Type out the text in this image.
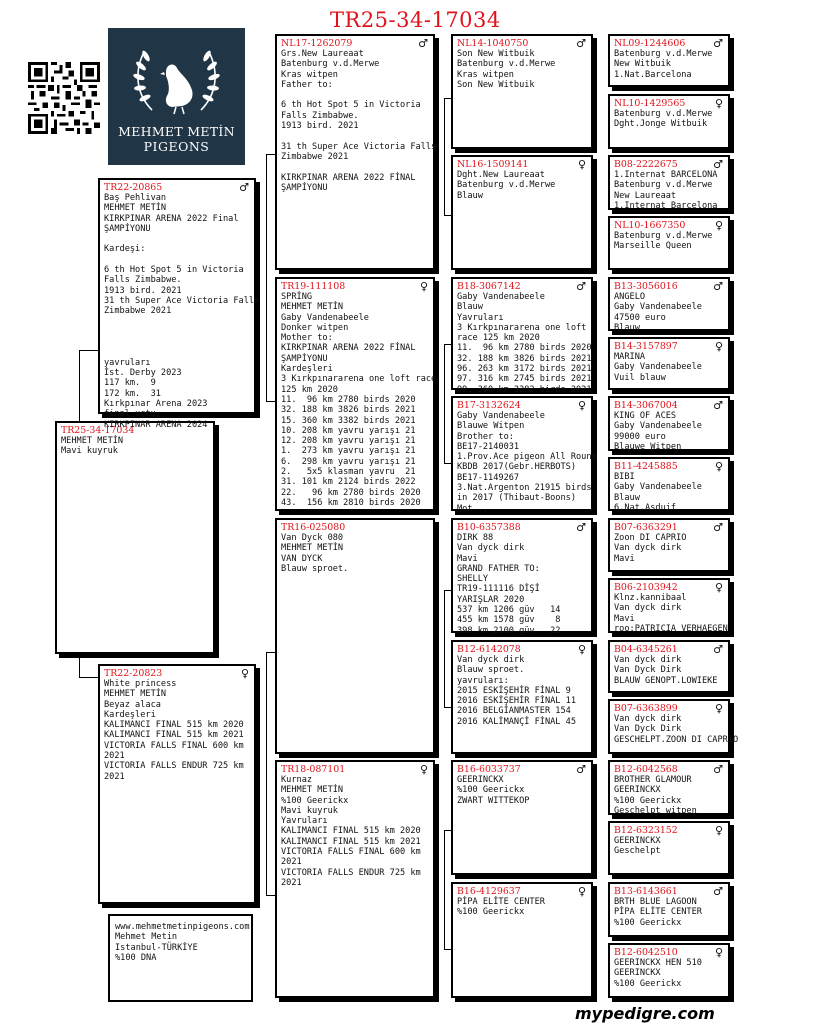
TR25-34-17034
MEHMET METİN
PIGEONS
TR25-34-17034
MEHMET METİN
Mavi kuyruk
TR22-20865	♂
Baş Pehlivan
MEHMET METİN
KIRKPINAR ARENA 2022 Final
ŞAMPİYONU

Kardeşi:

6 th Hot Spot 5 in Victoria
Falls Zimbabwe.
1913 bird. 2021
31 th Super Ace Victoria Falls
Zimbabwe 2021

yavruları
İst. Derby 2023
117 km.  9
172 km.  31
Kırkpınar Arena 2023
final uçtu
KIRKPINAR ARENA 2024
TR22-20823	♀
White princess
MEHMET METİN
Beyaz alaca
Kardeşleri
KALIMANCI FINAL 515 km 2020
KALIMANCI FINAL 515 km 2021
VICTORIA FALLS FINAL 600 km
2021
VICTORIA FALLS ENDUR 725 km
2021
NL17-1262079	♂
Grs.New Laureaat
Batenburg v.d.Merwe
Kras witpen
Father to:

6 th Hot Spot 5 in Victoria
Falls Zimbabwe.
1913 bird. 2021

31 th Super Ace Victoria Falls
Zimbabwe 2021

KIRKPINAR ARENA 2022 FİNAL
ŞAMPİYONU
TR19-111108	♀
SPRİNG
MEHMET METİN
Gaby Vandenabeele
Donker witpen
Mother to:
KIRKPINAR ARENA 2022 FİNAL
ŞAMPİYONU
Kardeşleri
3 Kırkpınararena one loft race
125 km 2020
11.  96 km 2780 birds 2020
32. 188 km 3826 birds 2021
15. 360 km 3382 birds 2021
10. 208 km yavru yarışı 21
12. 208 km yavru yarışı 21
1.  273 km yavru yarışı 21
6.  298 km yavru yarışı 21
2.   5x5 klasman yavru  21
31. 101 km 2124 birds 2022
22.   96 km 2780 birds 2020
43.  156 km 2810 birds 2020
TR16-025080
Van Dyck 080
MEHMET METİN
VAN DYCK
Blauw sproet.
TR18-087101	♀
Kurnaz
MEHMET METİN
%100 Geerickx
Mavi kuyruk
Yavruları
KALIMANCI FINAL 515 km 2020
KALIMANCI FINAL 515 km 2021
VICTORIA FALLS FINAL 600 km
2021
VICTORIA FALLS ENDUR 725 km
2021
NL14-1040750	♂
Son New Witbuik
Batenburg v.d.Merwe
Kras witpen
Son New Witbuik
NL16-1509141	♀
Dght.New Laureaat
Batenburg v.d.Merwe
Blauw
B18-3067142	♂
Gaby Vandenabeele
Blauw
Yavruları
3 Kırkpınararena one loft
race 125 km 2020
11.  96 km 2780 birds 2020
32. 188 km 3826 birds 2021
96. 263 km 3172 birds 2021
97. 316 km 2745 birds 2021
99. 360 km 3382 birds 2021
B17-3132624	♀
Gaby Vandenabeele
Blauwe Witpen
Brother to:
BE17-2140031
1.Prov.Ace pigeon All Round
KBDB 2017(Gebr.HERBOTS)
BE17-1149267
3.Nat.Argenton 21915 birds
in 2017 (Thibaut-Boons)
Mot...
B10-6357388	♂
DIRK 88
Van dyck dirk
Mavi
GRAND FATHER TO:
SHELLY
TR19-111116 DİŞİ
YARIŞLAR 2020
537 km 1206 güv   14
455 km 1578 güv    8
398 km 2100 güv   22
B12-6142078	♀
Van dyck dirk
Blauw sproet.
yavruları:
2015 ESKİŞEHİR FİNAL 9
2016 ESKİŞEHİR FİNAL 11
2016 BELGİANMASTER 154
2016 KALİMANÇİ FİNAL 45
B16-6033737	♂
GEERINCKX
%100 Geerickx
ZWART WITTEKOP
B16-4129637	♀
PİPA ELİTE CENTER
%100 Geerickx
NL09-1244606	♂
Batenburg v.d.Merwe
New Witbuik
1.Nat.Barcelona
NL10-1429565	♀
Batenburg v.d.Merwe
Dght.Jonge Witbuik
B08-2222675	♂
1.Internat BARCELONA
Batenburg v.d.Merwe
New Laureaat
1.Internat Barcelona
NL10-1667350	♀
Batenburg v.d.Merwe
Marseille Queen
B13-3056016	♂
ANGELO
Gaby Vandenabeele
47500 euro
Blauw
B14-3157897	♀
MARINA
Gaby Vandenabeele
Vuil blauw
B14-3067004	♂
KING OF ACES
Gaby Vandenabeele
99000 euro
Blauwe Witpen
B11-4245885	♀
BIBI
Gaby Vandenabeele
Blauw
6.Nat.Asduif
B07-6363291	♂
Zoon DI CAPRIO
Van dyck dirk
Mavi
B06-2103942	♀
Klnz.kannibaal
Van dyck dirk
Mavi
roo:PATRICIA VERHAEGEN
B04-6345261	♂
Van dyck dirk
Van Dyck Dirk
BLAUW GENOPT.LOWIEKE
B07-6363899	♀
Van dyck dirk
Van Dyck Dirk
GESCHELPT.ZOON DI CAPRIO
B12-6042568	♂
BROTHER GLAMOUR
GEERINCKX
%100 Geerickx
Geschelpt witpen
B12-6323152	♀
GEERINCKX
Geschelpt
B13-6143661	♂
BRTH BLUE LAGOON
PİPA ELİTE CENTER
%100 Geerickx
B12-6042510	♀
GEERINCKX HEN 510
GEERINCKX
%100 Geerickx
www.mehmetmetinpigeons.com
Mehmet Metin
Istanbul-TÜRKİYE
%100 DNA
mypedigre.com
